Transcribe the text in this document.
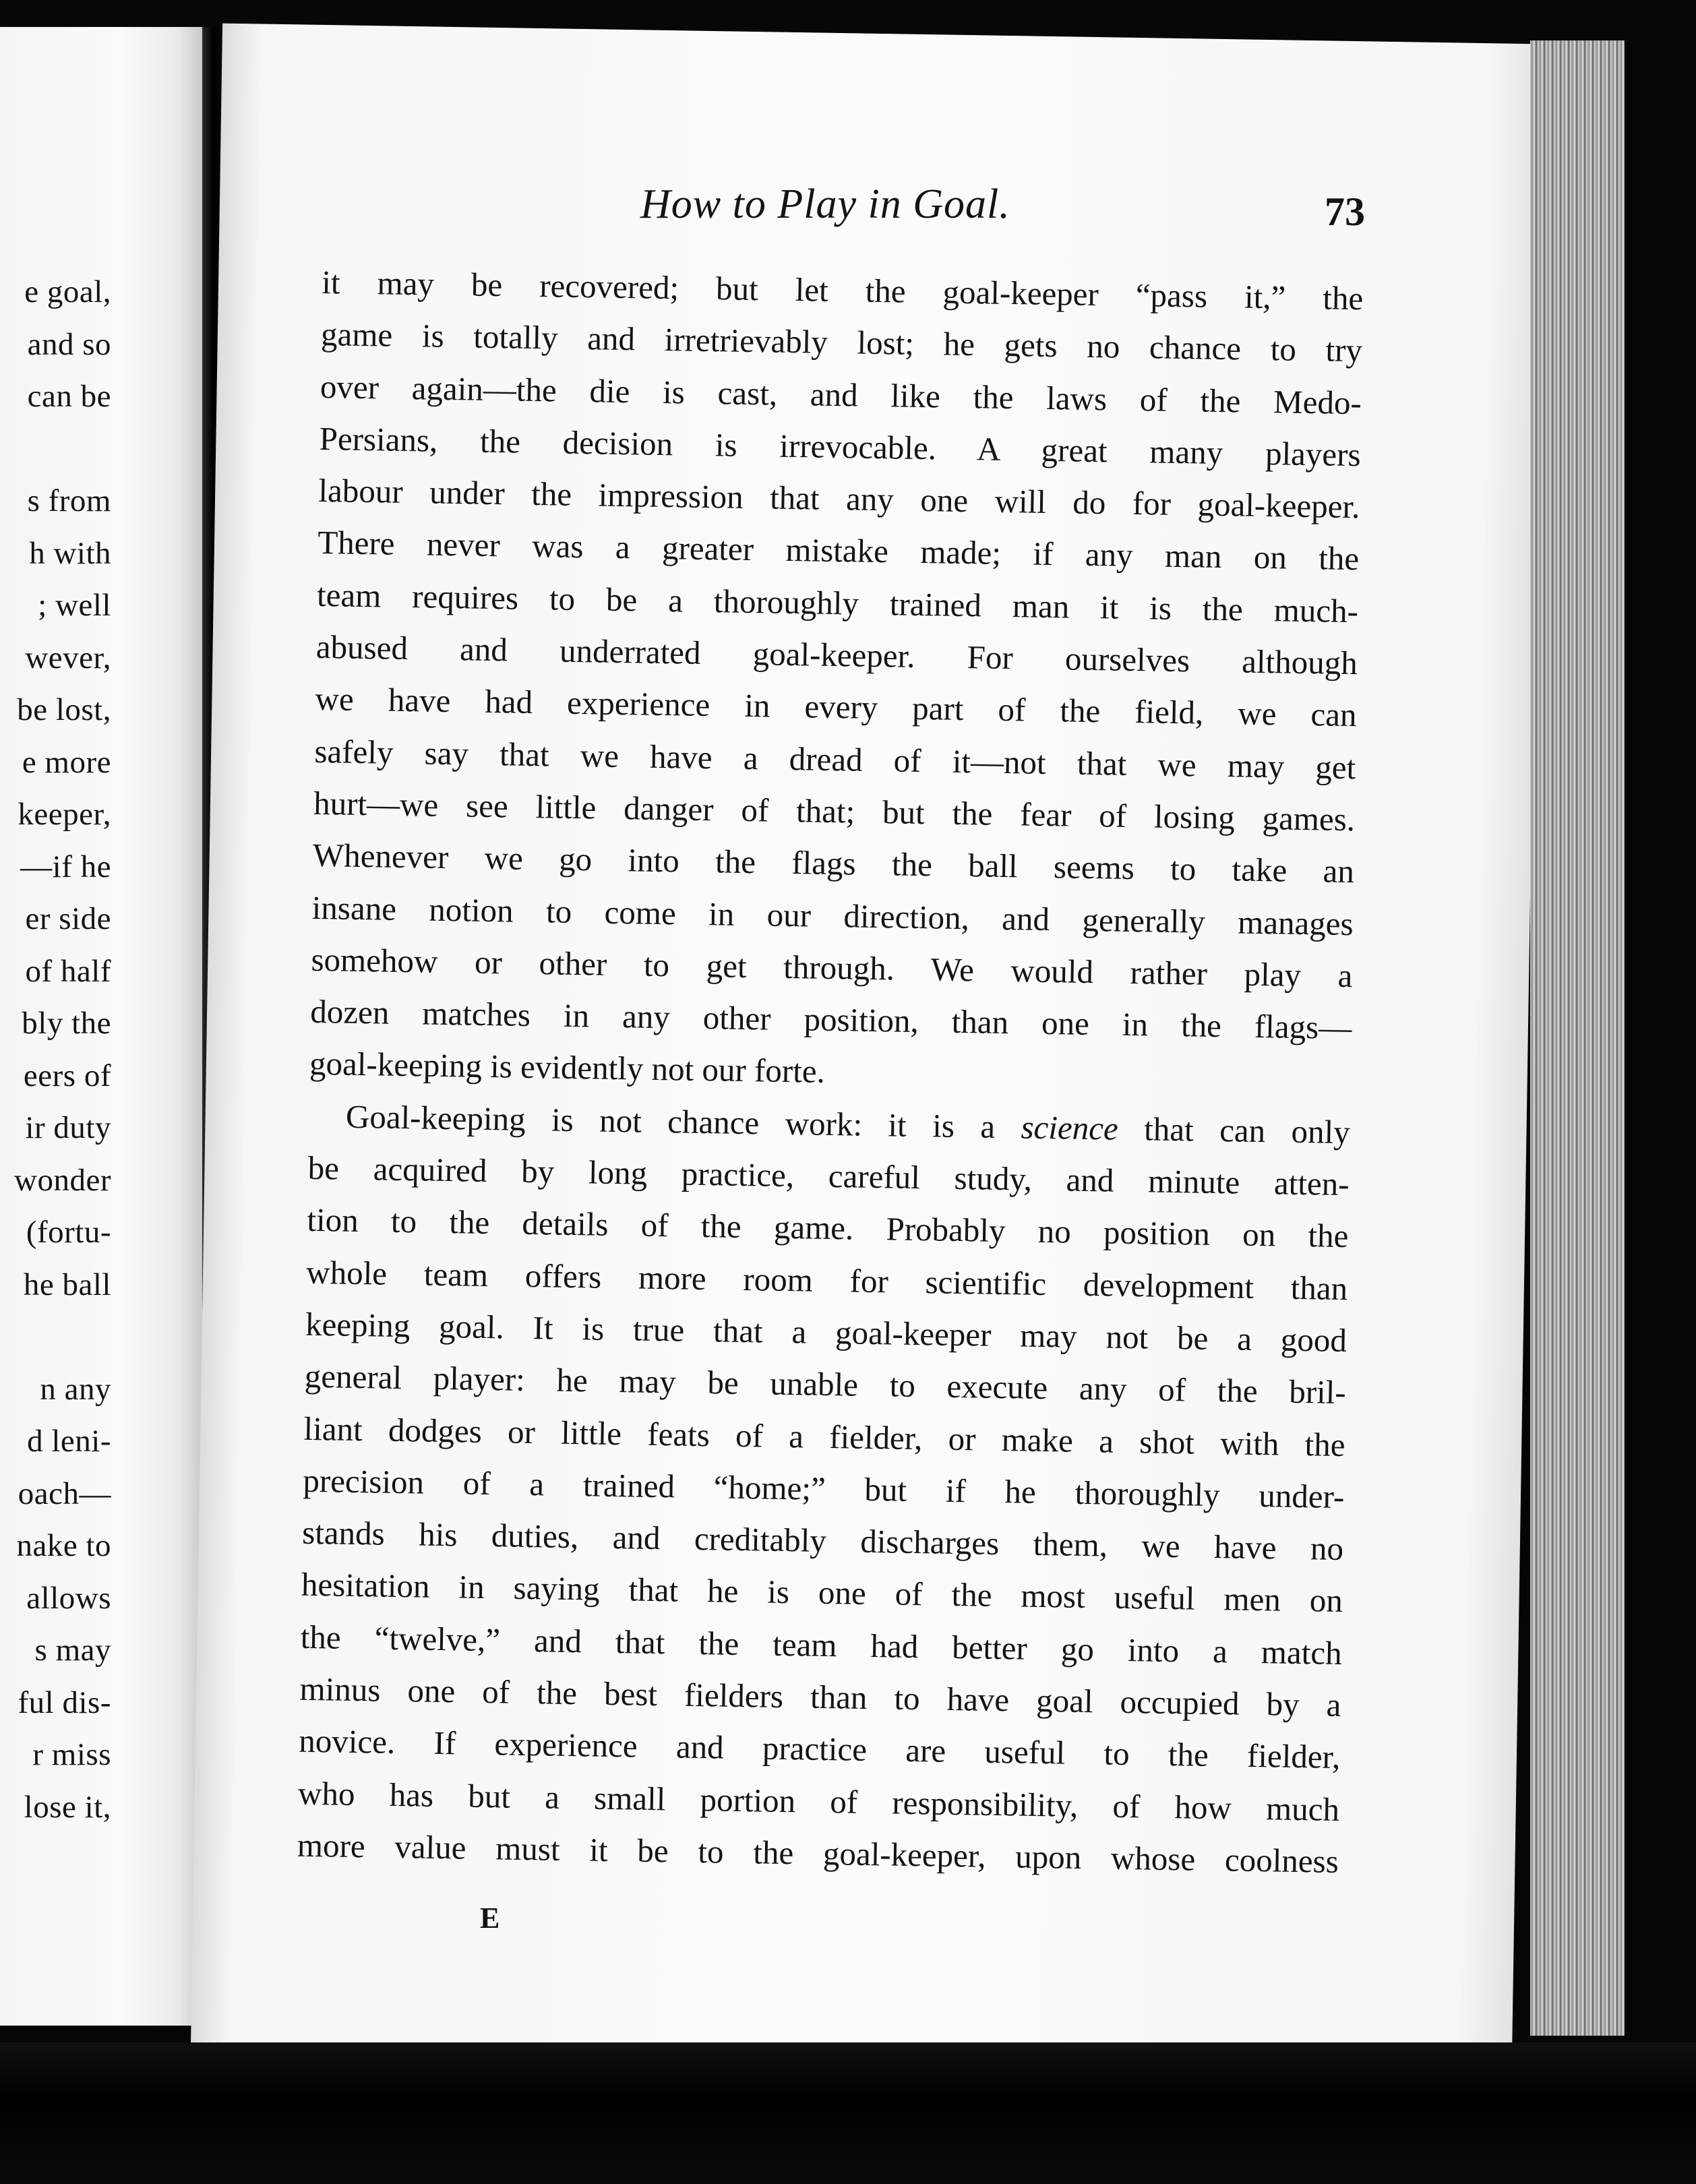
e goal,
and so
can be
s from
h with
; well
wever,
be lost,
e more
keeper,
—if he
er side
of half
bly the
eers of
ir duty
wonder
(fortu-
he ball
n any
d leni-
oach—
nake to
allows
s may
ful dis-
r miss
lose it,
How to Play in Goal.	73
it may be recovered; but let the goal-keeper “pass it,” the
game is totally and irretrievably lost; he gets no chance to try
over again—the die is cast, and like the laws of the Medo-
Persians, the decision is irrevocable. A great many players
labour under the impression that any one will do for goal-keeper.
There never was a greater mistake made; if any man on the
team requires to be a thoroughly trained man it is the much-
abused and underrated goal-keeper. For ourselves although
we have had experience in every part of the field, we can
safely say that we have a dread of it—not that we may get
hurt—we see little danger of that; but the fear of losing games.
Whenever we go into the flags the ball seems to take an
insane notion to come in our direction, and generally manages
somehow or other to get through. We would rather play a
dozen matches in any other position, than one in the flags—
goal-keeping is evidently not our forte.
Goal-keeping is not chance work: it is a science that can only
be acquired by long practice, careful study, and minute atten-
tion to the details of the game. Probably no position on the
whole team offers more room for scientific development than
keeping goal. It is true that a goal-keeper may not be a good
general player: he may be unable to execute any of the bril-
liant dodges or little feats of a fielder, or make a shot with the
precision of a trained “home;” but if he thoroughly under-
stands his duties, and creditably discharges them, we have no
hesitation in saying that he is one of the most useful men on
the “twelve,” and that the team had better go into a match
minus one of the best fielders than to have goal occupied by a
novice. If experience and practice are useful to the fielder,
who has but a small portion of responsibility, of how much
more value must it be to the goal-keeper, upon whose coolness
E
